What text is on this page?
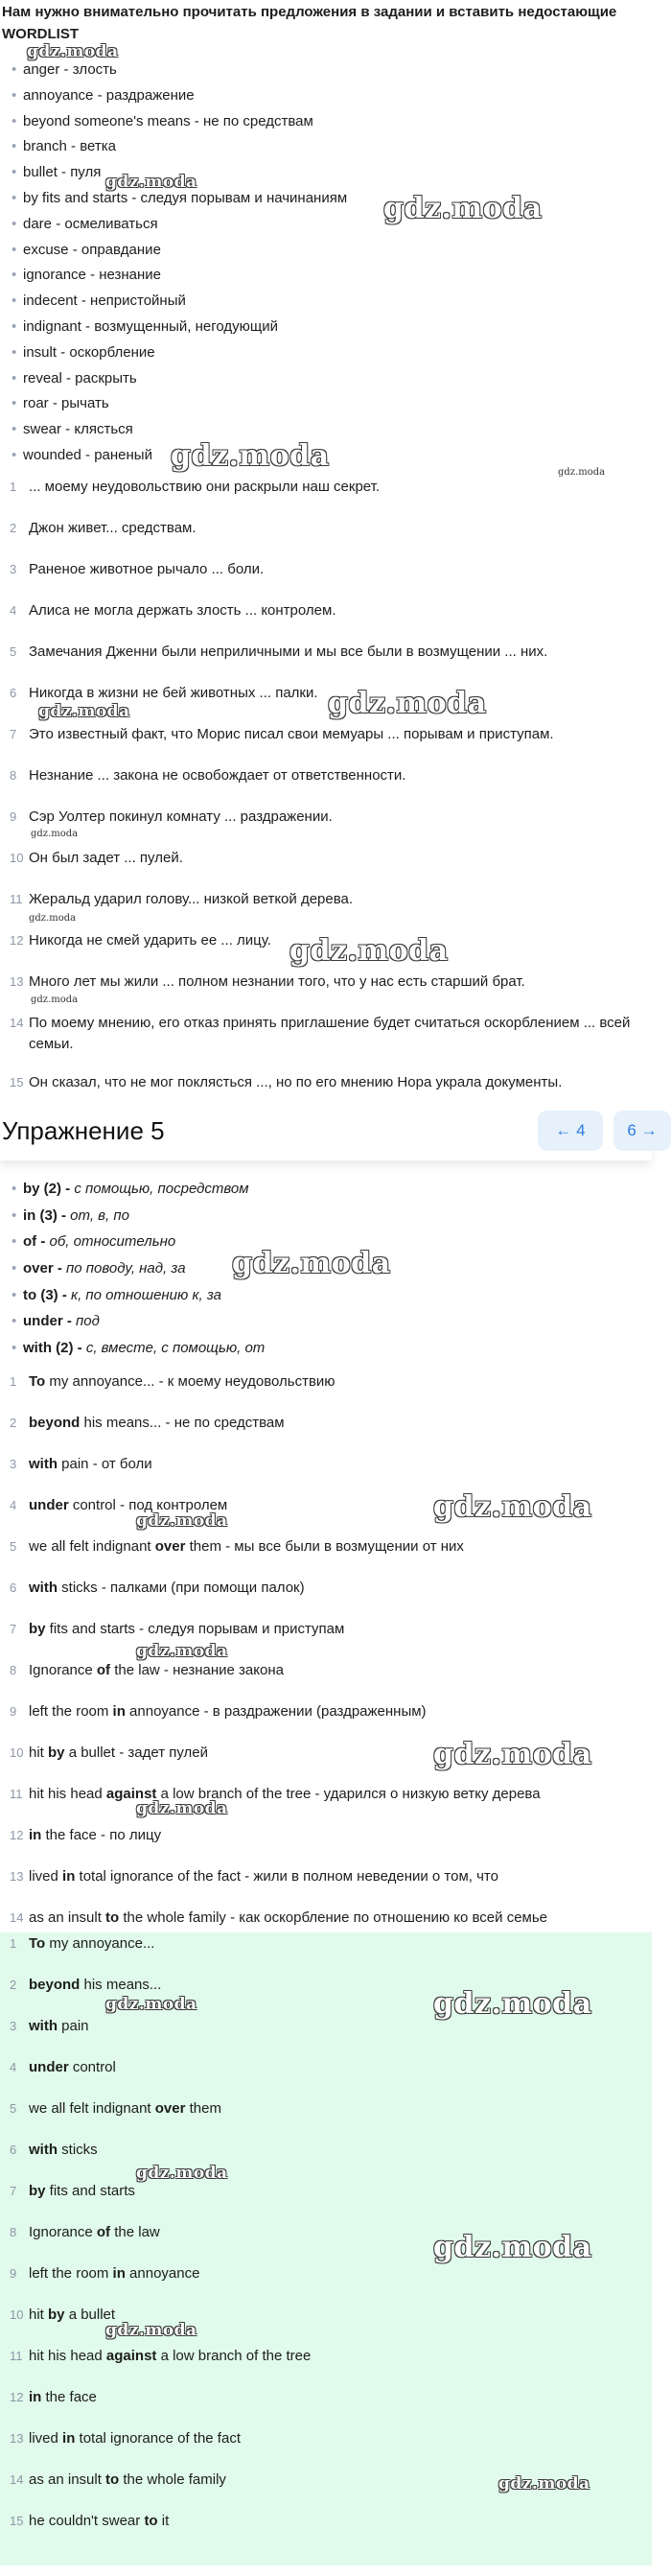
Нам нужно внимательно прочитать предложения в задании и вставить недостающие
WORDLIST
• anger - злость
• annoyance - раздражение
• beyond someone's means - не по средствам
• branch - ветка
• bullet - пуля
• by fits and starts - следуя порывам и начинаниям
• dare - осмеливаться
• excuse - оправдание
• ignorance - незнание
• indecent - непристойный
• indignant - возмущенный, негодующий
• insult - оскорбление
• reveal - раскрыть
• roar - рычать
• swear - клясться
• wounded - раненый
1 ... моему неудовольствию они раскрыли наш секрет.
2 Джон живет... средствам.
3 Раненое животное рычало ... боли.
4 Алиса не могла держать злость ... контролем.
5 Замечания Дженни были неприличными и мы все были в возмущении ... них.
6 Никогда в жизни не бей животных ... палки.
7 Это известный факт, что Морис писал свои мемуары ... порывам и приступам.
8 Незнание ... закона не освобождает от ответственности.
9 Сэр Уолтер покинул комнату ... раздражении.
10 Он был задет ... пулей.
11 Жеральд ударил голову... низкой веткой дерева.
12 Никогда не смей ударить ее ... лицу.
13 Много лет мы жили ... полном незнании того, что у нас есть старший брат.
14 По моему мнению, его отказ принять приглашение будет считаться оскорблением ... всей семьи.
15 Он сказал, что не мог поклясться ..., но по его мнению Нора украла документы.
Упражнение 5	← 4	6 →
• by (2) - с помощью, посредством
• in (3) - от, в, по
• of - об, относительно
• over - по поводу, над, за
• to (3) - к, по отношению к, за
• under - под
• with (2) - с, вместе, с помощью, от
1 To my annoyance... - к моему неудовольствию
2 beyond his means... - не по средствам
3 with pain - от боли
4 under control - под контролем
5 we all felt indignant over them - мы все были в возмущении от них
6 with sticks - палками (при помощи палок)
7 by fits and starts - следуя порывам и приступам
8 Ignorance of the law - незнание закона
9 left the room in annoyance - в раздражении (раздраженным)
10 hit by a bullet - задет пулей
11 hit his head against a low branch of the tree - ударился о низкую ветку дерева
12 in the face - по лицу
13 lived in total ignorance of the fact - жили в полном неведении о том, что
14 as an insult to the whole family - как оскорбление по отношению ко всей семье
1 To my annoyance...
2 beyond his means...
3 with pain
4 under control
5 we all felt indignant over them
6 with sticks
7 by fits and starts
8 Ignorance of the law
9 left the room in annoyance
10 hit by a bullet
11 hit his head against a low branch of the tree
12 in the face
13 lived in total ignorance of the fact
14 as an insult to the whole family
15 he couldn't swear to it
gdz.moda
gdz.moda
gdz.moda
gdz.moda	gdz.moda
gdz.moda
gdz.moda
gdz.moda
gdz.moda
gdz.moda
gdz.moda
gdz.moda
gdz.moda
gdz.moda
gdz.moda
gdz.moda
gdz.moda
gdz.moda	gdz.moda
gdz.moda
gdz.moda
gdz.moda
gdz.moda
